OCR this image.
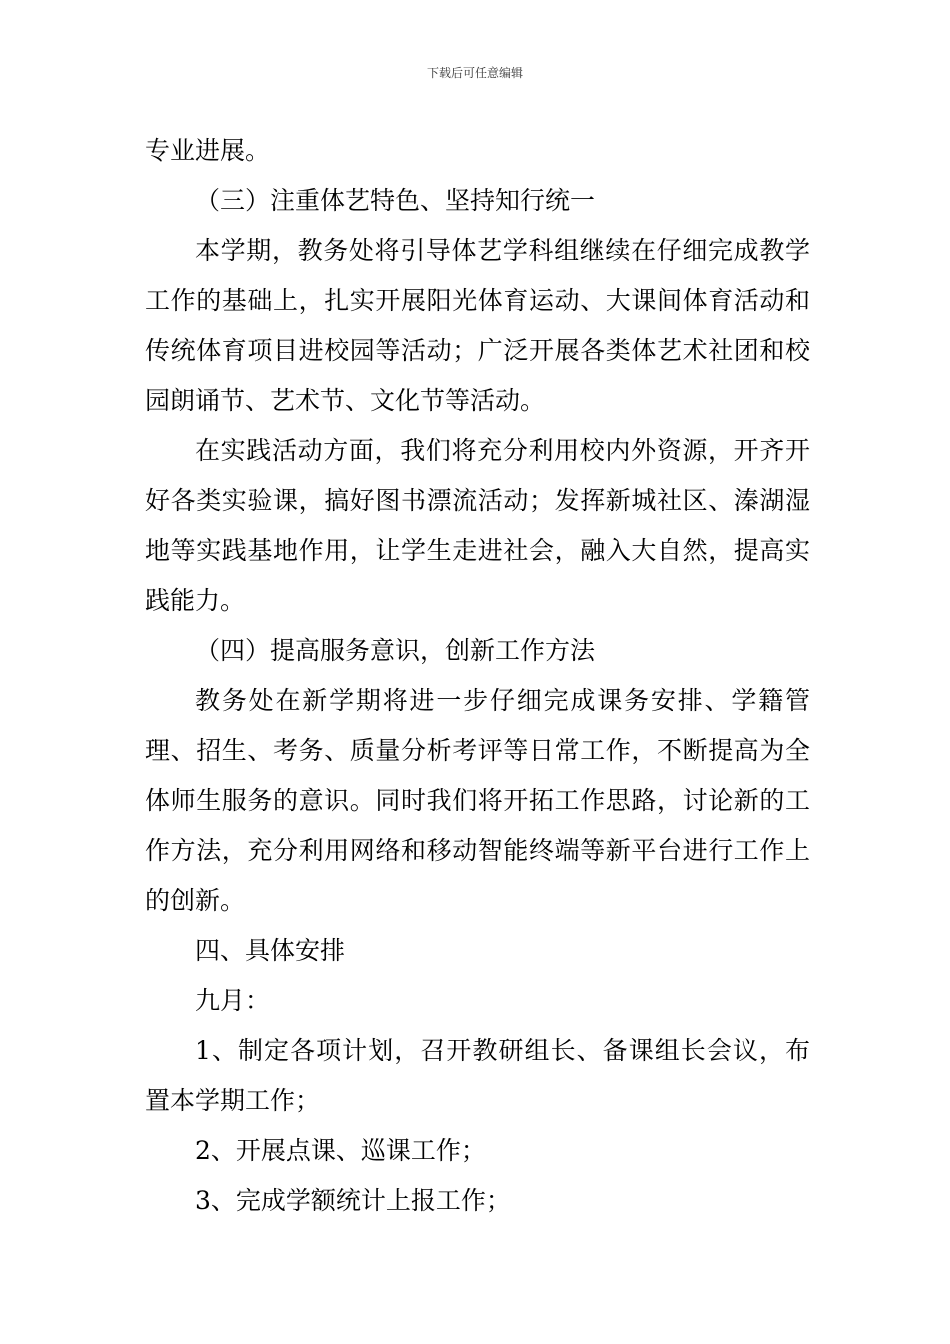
下载后可任意编辑

专业进展。

（三）注重体艺特色、坚持知行统一

本学期，教务处将引导体艺学科组继续在仔细完成教学工作的基础上，扎实开展阳光体育运动、大课间体育活动和传统体育项目进校园等活动；广泛开展各类体艺术社团和校园朗诵节、艺术节、文化节等活动。

在实践活动方面，我们将充分利用校内外资源，开齐开好各类实验课，搞好图书漂流活动；发挥新城社区、溱湖湿地等实践基地作用，让学生走进社会，融入大自然，提高实践能力。

（四）提高服务意识，创新工作方法

教务处在新学期将进一步仔细完成课务安排、学籍管理、招生、考务、质量分析考评等日常工作，不断提高为全体师生服务的意识。同时我们将开拓工作思路，讨论新的工作方法，充分利用网络和移动智能终端等新平台进行工作上的创新。

四、具体安排

九月：

1、制定各项计划，召开教研组长、备课组长会议，布置本学期工作；

2、开展点课、巡课工作；

3、完成学额统计上报工作；
